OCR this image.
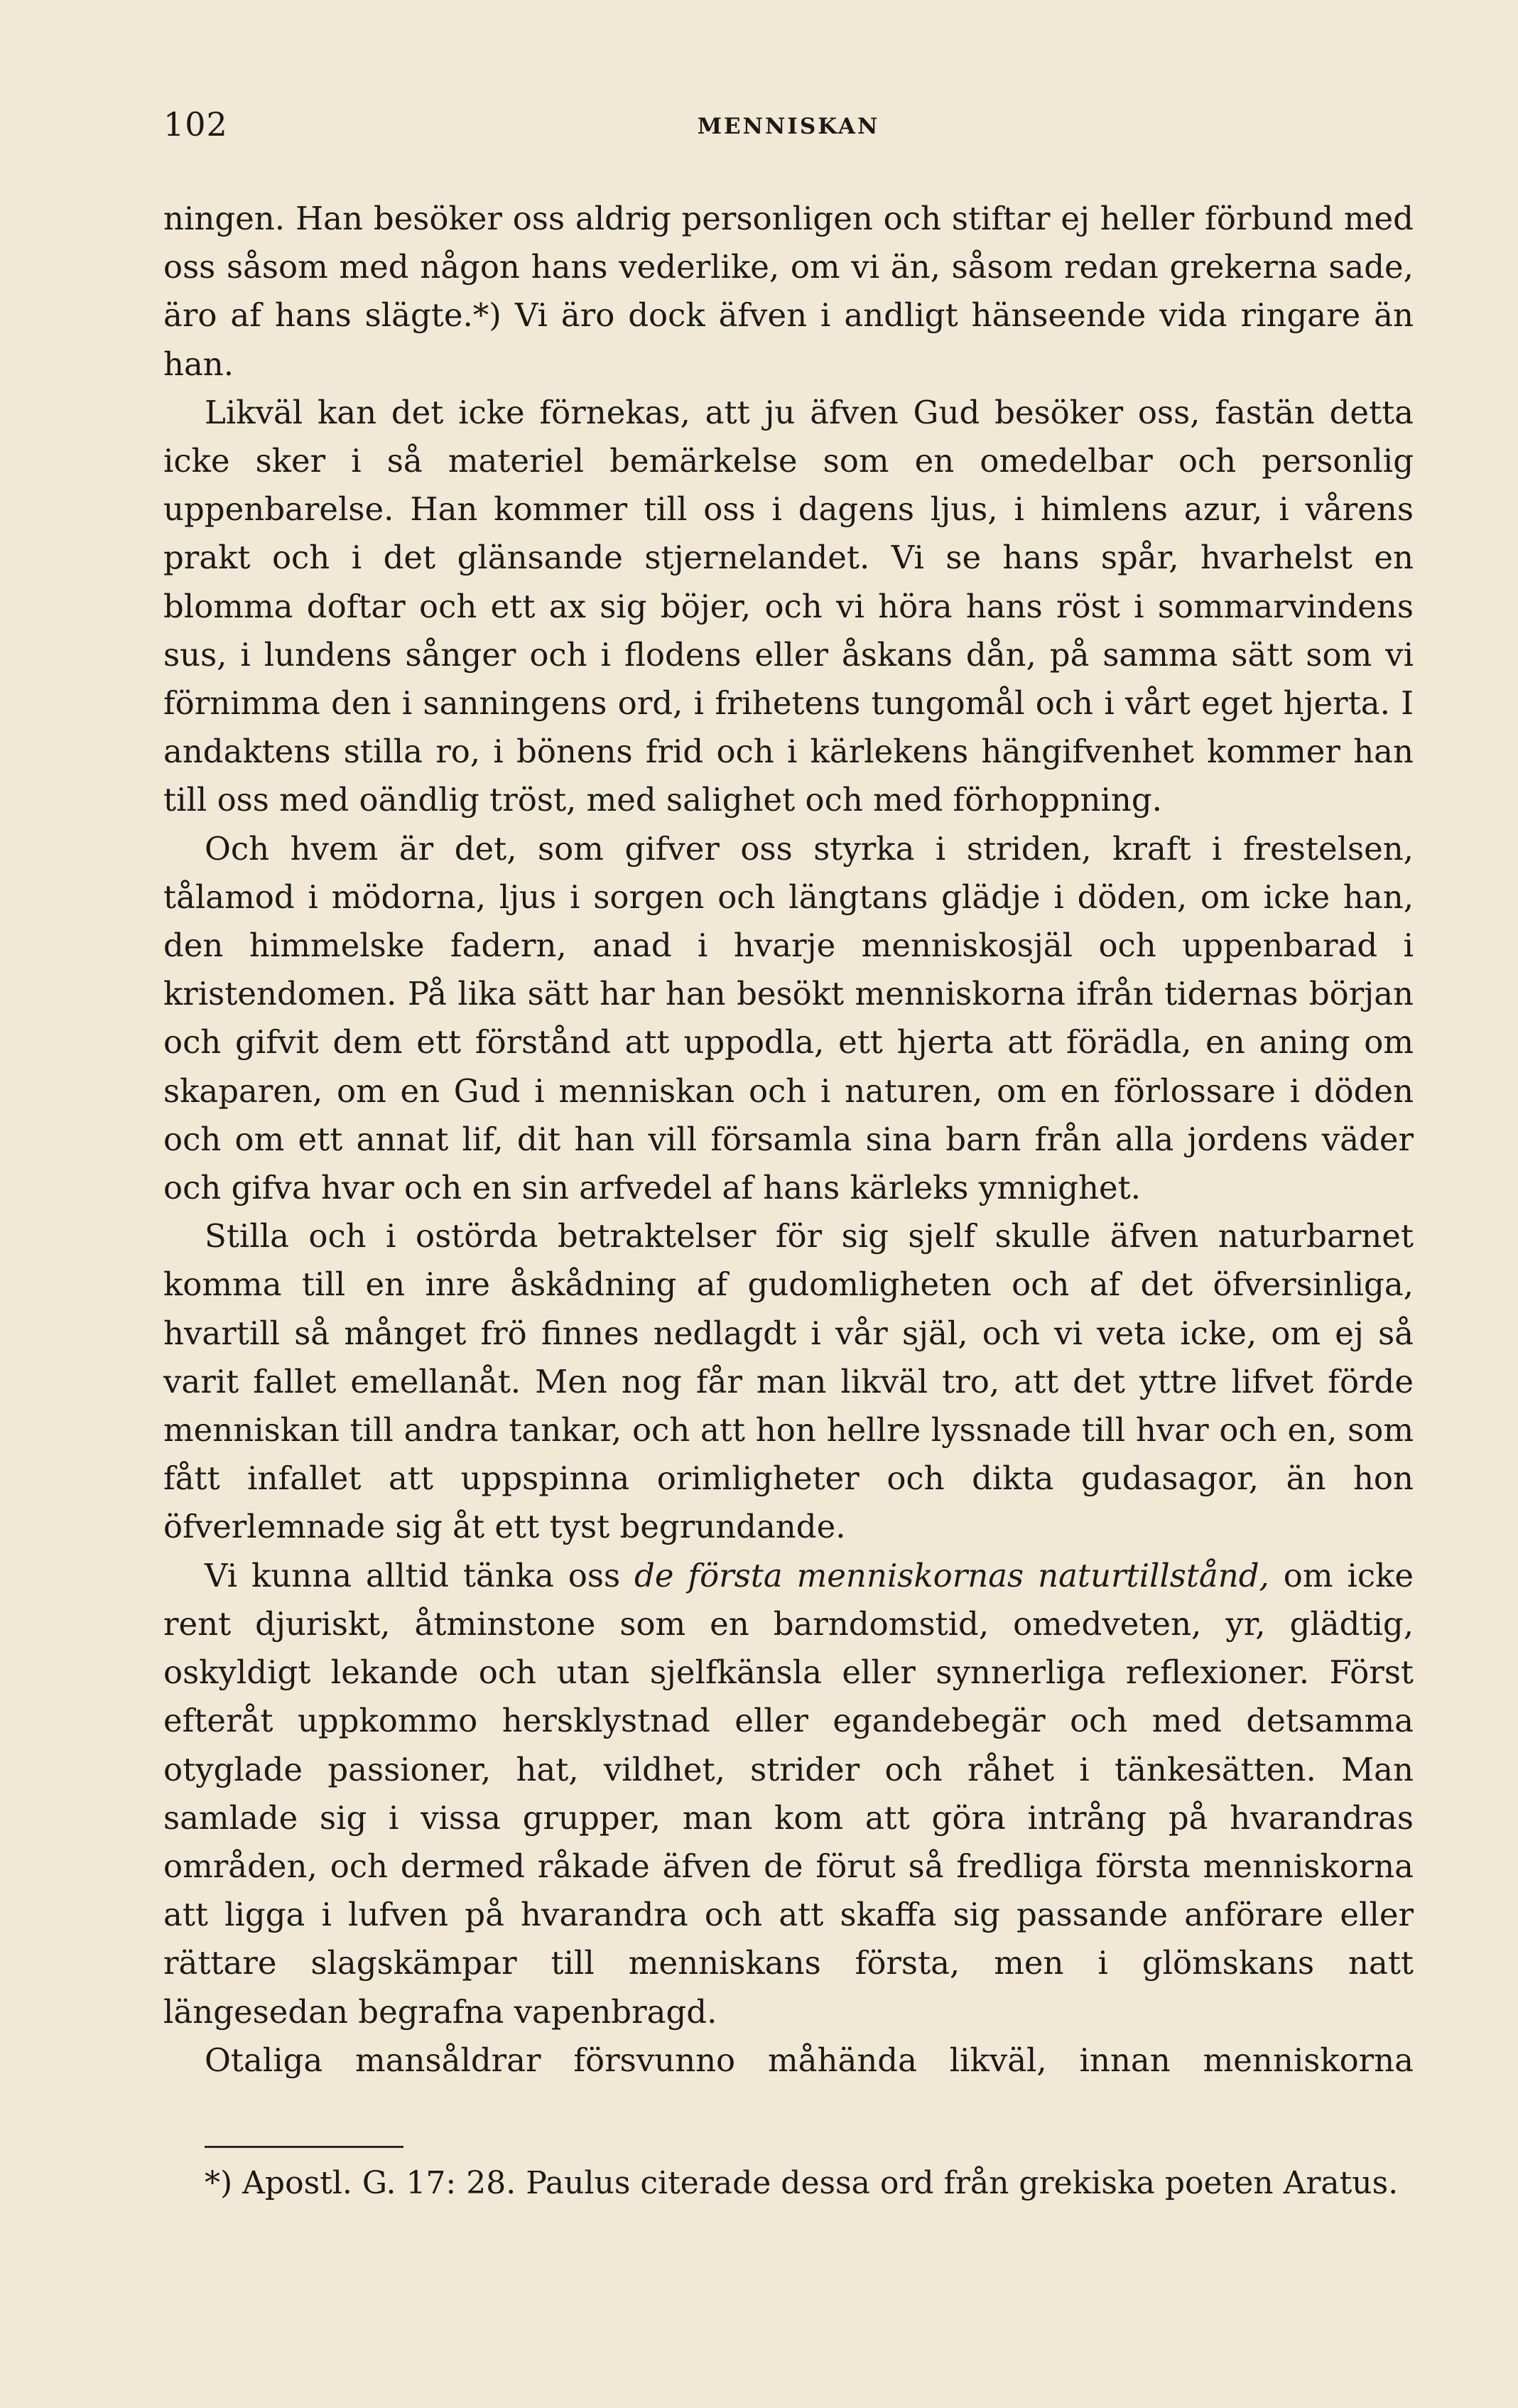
102	MENNISKAN

ningen. Han besöker oss aldrig personligen och stiftar ej heller förbund med oss såsom med någon hans vederlike, om vi än, såsom redan grekerna sade, äro af hans slägte.*) Vi äro dock äfven i andligt hänseende vida ringare än han.

Likväl kan det icke förnekas, att ju äfven Gud besöker oss, fastän detta icke sker i så materiel bemärkelse som en omedelbar och personlig uppenbarelse. Han kommer till oss i dagens ljus, i himlens azur, i vårens prakt och i det glänsande stjernelandet. Vi se hans spår, hvarhelst en blomma doftar och ett ax sig böjer, och vi höra hans röst i sommarvindens sus, i lundens sånger och i flodens eller åskans dån, på samma sätt som vi förnimma den i sanningens ord, i frihetens tungomål och i vårt eget hjerta. I andaktens stilla ro, i bönens frid och i kärlekens hängifvenhet kommer han till oss med oändlig tröst, med salighet och med förhoppning.

Och hvem är det, som gifver oss styrka i striden, kraft i frestelsen, tålamod i mödorna, ljus i sorgen och längtans glädje i döden, om icke han, den himmelske fadern, anad i hvarje menniskosjäl och uppenbarad i kristendomen. På lika sätt har han besökt menniskorna ifrån tidernas början och gifvit dem ett förstånd att uppodla, ett hjerta att förädla, en aning om skaparen, om en Gud i menniskan och i naturen, om en förlossare i döden och om ett annat lif, dit han vill församla sina barn från alla jordens väder och gifva hvar och en sin arfvedel af hans kärleks ymnighet.

Stilla och i ostörda betraktelser för sig sjelf skulle äfven naturbarnet komma till en inre åskådning af gudomligheten och af det öfversinliga, hvartill så månget frö finnes nedlagdt i vår själ, och vi veta icke, om ej så varit fallet emellanåt. Men nog får man likväl tro, att det yttre lifvet förde menniskan till andra tankar, och att hon hellre lyssnade till hvar och en, som fått infallet att uppspinna orimligheter och dikta gudasagor, än hon öfverlemnade sig åt ett tyst begrundande.

Vi kunna alltid tänka oss de första menniskornas naturtillstånd, om icke rent djuriskt, åtminstone som en barndomstid, omedveten, yr, glädtig, oskyldigt lekande och utan sjelfkänsla eller synnerliga reflexioner. Först efteråt uppkommo hersklystnad eller egandebegär och med detsamma otyglade passioner, hat, vildhet, strider och råhet i tänkesätten. Man samlade sig i vissa grupper, man kom att göra intrång på hvarandras områden, och dermed råkade äfven de förut så fredliga första menniskorna att ligga i lufven på hvarandra och att skaffa sig passande anförare eller rättare slagskämpar till menniskans första, men i glömskans natt längesedan begrafna vapenbragd.

Otaliga mansåldrar försvunno måhända likväl, innan menniskorna

*) Apostl. G. 17: 28. Paulus citerade dessa ord från grekiska poeten Aratus.
